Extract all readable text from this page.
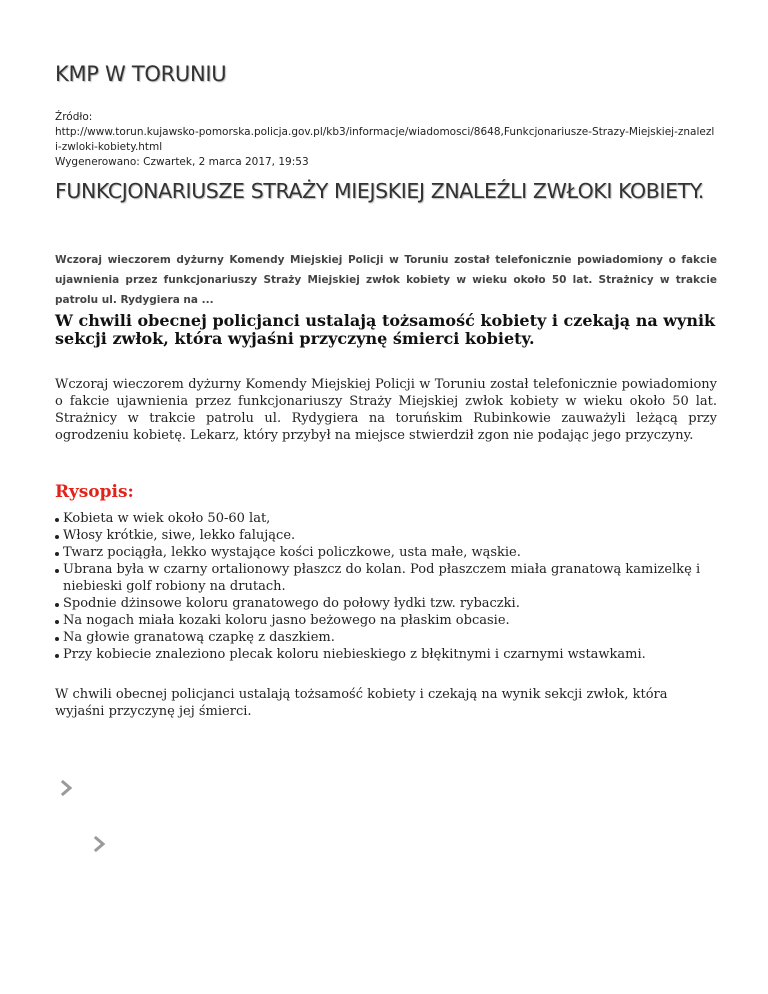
KMP W TORUNIU
Źródło:
http://www.torun.kujawsko-pomorska.policja.gov.pl/kb3/informacje/wiadomosci/8648,Funkcjonariusze-Strazy-Miejskiej-znalezli-zwloki-kobiety.html
Wygenerowano: Czwartek, 2 marca 2017, 19:53
FUNKCJONARIUSZE STRAŻY MIEJSKIEJ ZNALEŹLI ZWŁOKI KOBIETY.

Wczoraj wieczorem dyżurny Komendy Miejskiej Policji w Toruniu został telefonicznie powiadomiony o fakcie ujawnienia przez funkcjonariuszy Straży Miejskiej zwłok kobiety w wieku około 50 lat. Strażnicy w trakcie patrolu ul. Rydygiera na ...

W chwili obecnej policjanci ustalają tożsamość kobiety i czekają na wynik sekcji zwłok, która wyjaśni przyczynę śmierci kobiety.

Wczoraj wieczorem dyżurny Komendy Miejskiej Policji w Toruniu został telefonicznie powiadomiony o fakcie ujawnienia przez funkcjonariuszy Straży Miejskiej zwłok kobiety w wieku około 50 lat. Strażnicy w trakcie patrolu ul. Rydygiera na toruńskim Rubinkowie zauważyli leżącą przy ogrodzeniu kobietę. Lekarz, który przybył na miejsce stwierdził zgon nie podając jego przyczyny.

Rysopis:
Kobieta w wiek około 50-60 lat,
Włosy krótkie, siwe, lekko falujące.
Twarz pociągła, lekko wystające kości policzkowe, usta małe, wąskie.
Ubrana była w czarny ortalionowy płaszcz do kolan. Pod płaszczem miała granatową kamizelkę i niebieski golf robiony na drutach.
Spodnie dżinsowe koloru granatowego do połowy łydki tzw. rybaczki.
Na nogach miała kozaki koloru jasno beżowego na płaskim obcasie.
Na głowie granatową czapkę z daszkiem.
Przy kobiecie znaleziono plecak koloru niebieskiego z błękitnymi i czarnymi wstawkami.

W chwili obecnej policjanci ustalają tożsamość kobiety i czekają na wynik sekcji zwłok, która wyjaśni przyczynę jej śmierci.
